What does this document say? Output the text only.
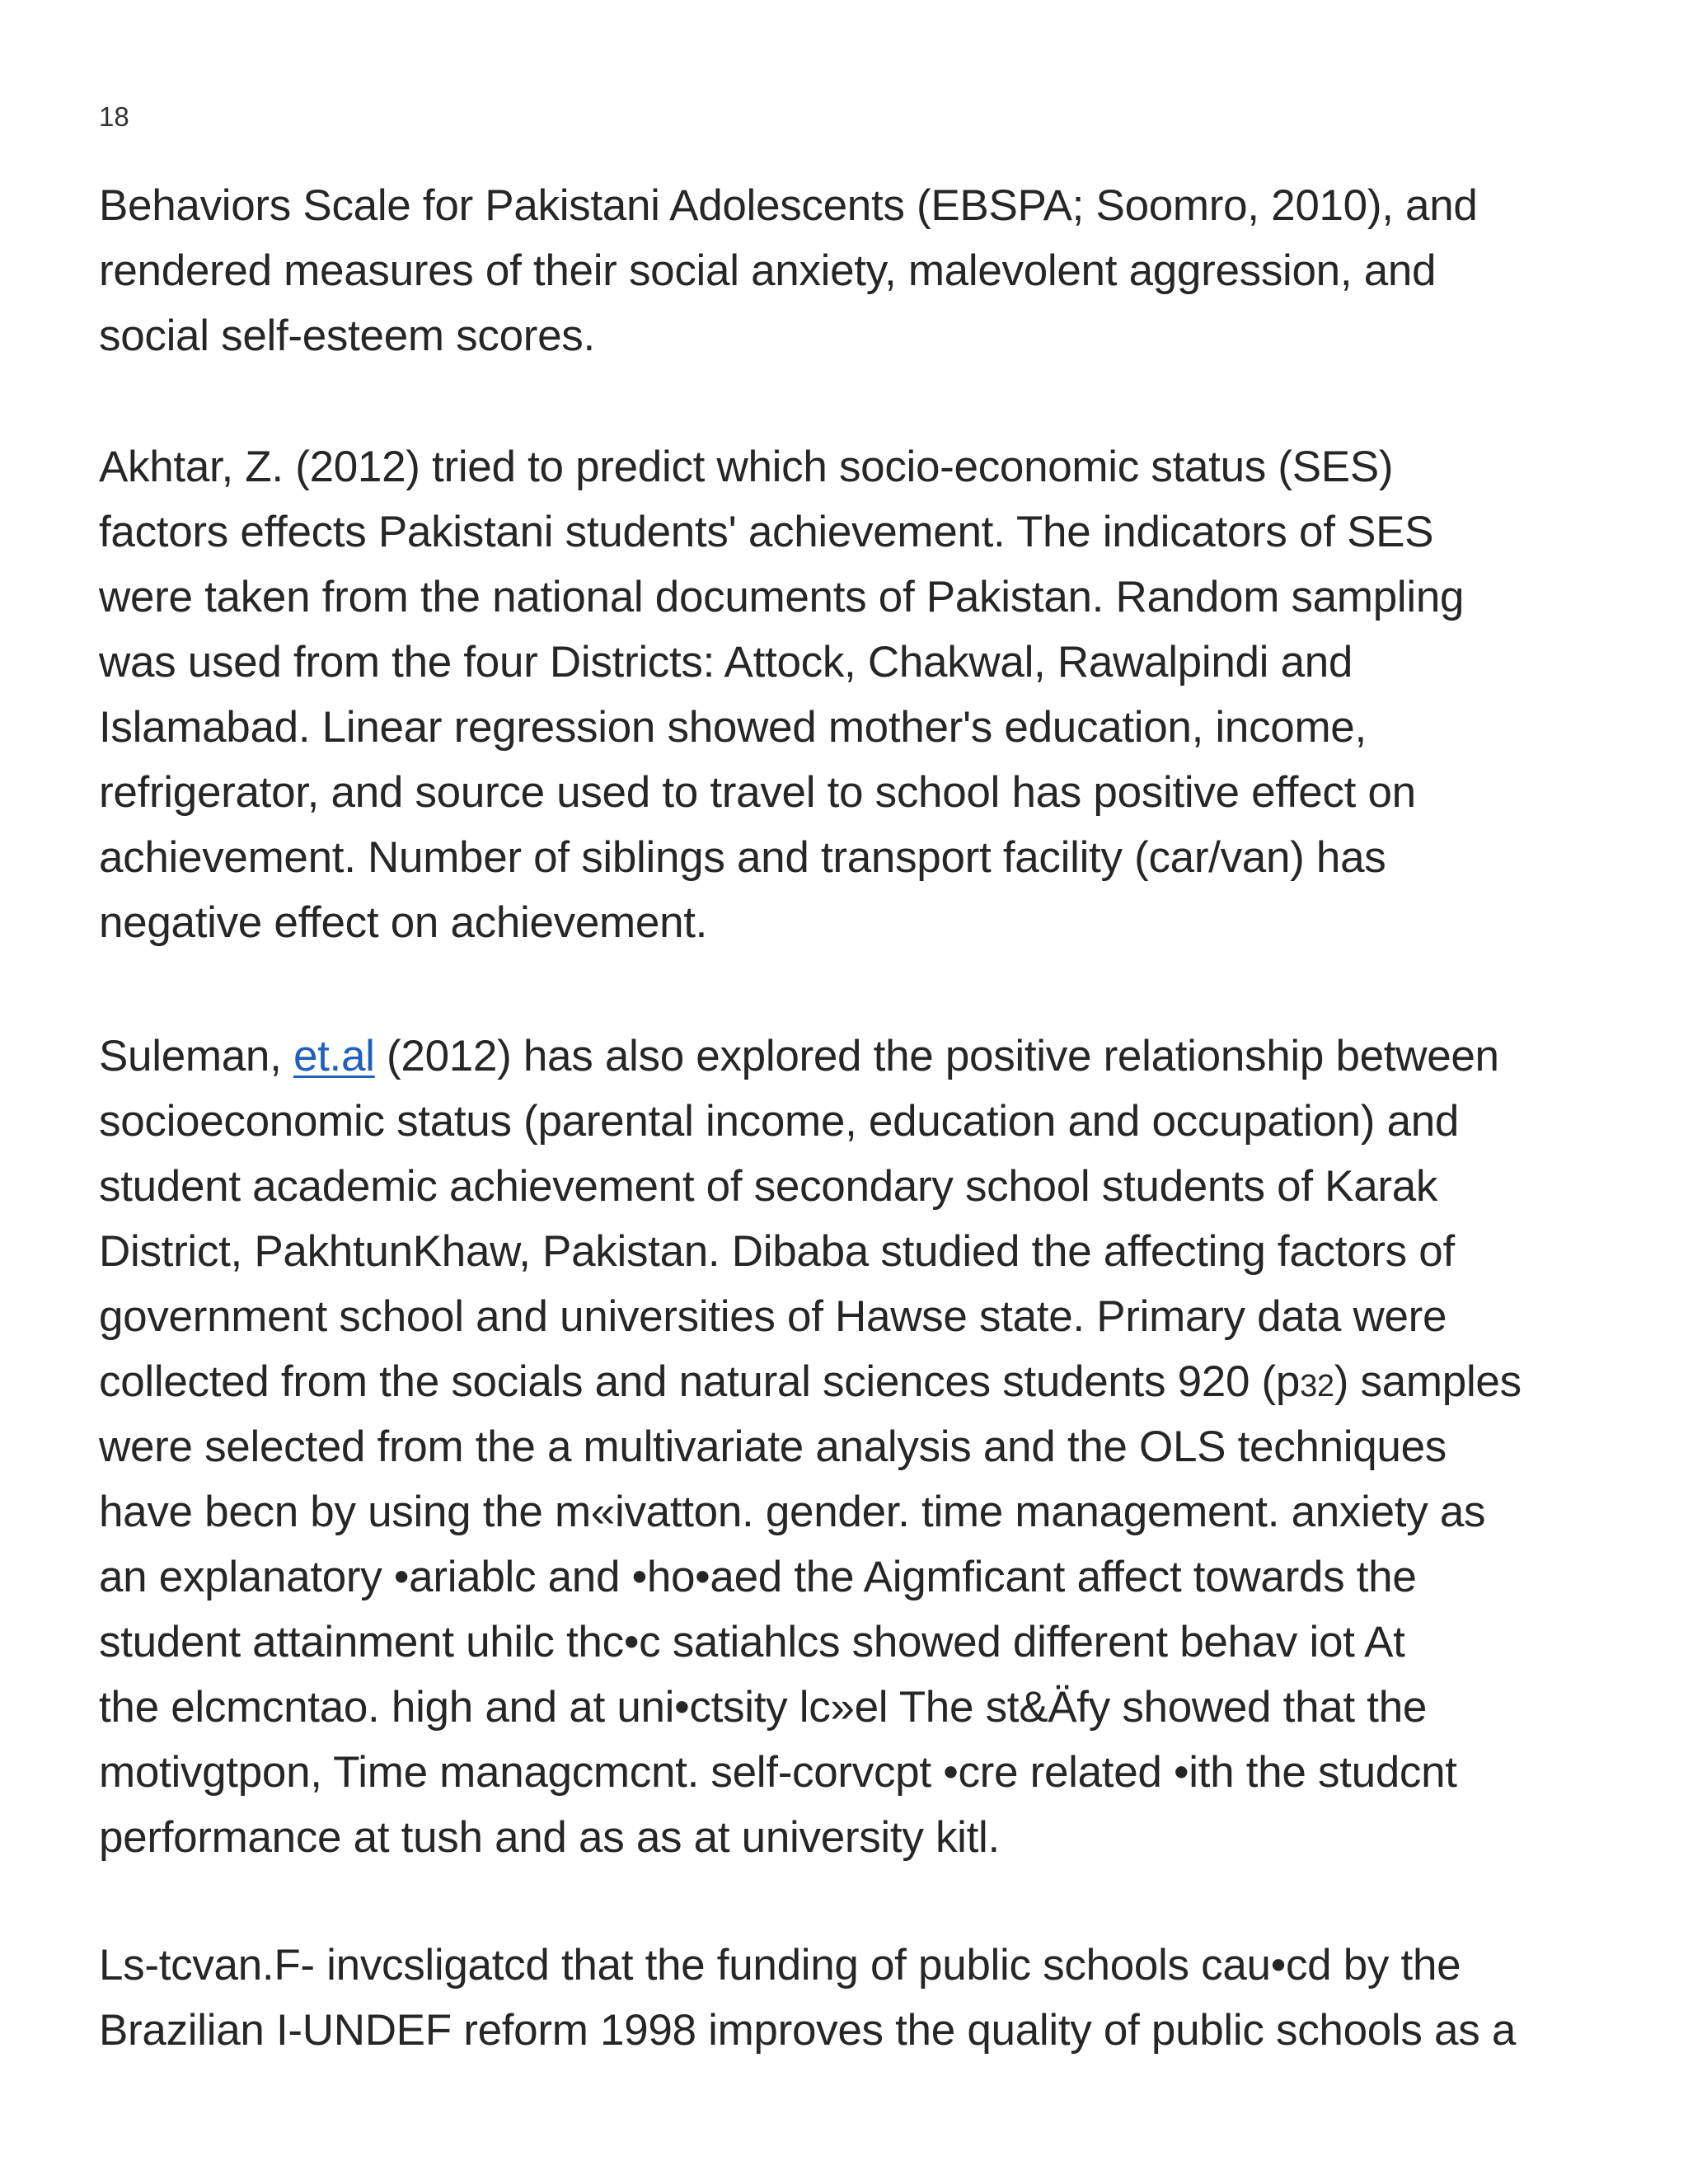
18
Behaviors Scale for Pakistani Adolescents (EBSPA; Soomro, 2010), and
rendered measures of their social anxiety, malevolent aggression, and
social self-esteem scores.
Akhtar, Z. (2012) tried to predict which socio-economic status (SES)
factors effects Pakistani students' achievement. The indicators of SES
were taken from the national documents of Pakistan. Random sampling
was used from the four Districts: Attock, Chakwal, Rawalpindi and
Islamabad. Linear regression showed mother's education, income,
refrigerator, and source used to travel to school has positive effect on
achievement. Number of siblings and transport facility (car/van) has
negative effect on achievement.
Suleman, et.al (2012) has also explored the positive relationship between
socioeconomic status (parental income, education and occupation) and
student academic achievement of secondary school students of Karak
District, PakhtunKhaw, Pakistan. Dibaba studied the affecting factors of
government school and universities of Hawse state. Primary data were
collected from the socials and natural sciences students 920 (p32) samples
were selected from the a multivariate analysis and the OLS techniques
have becn by using the m«ivatton. gender. time management. anxiety as
an explanatory •ariablc and •ho•aed the Aigmficant affect towards the
student attainment uhilc thc•c satiahlcs showed different behav iot At
the elcmcntao. high and at uni•ctsity lc»el The st&Äfy showed that the
motivgtpon, Time managcmcnt. self-corvcpt •cre related •ith the studcnt
performance at tush and as as at university kitl.
Ls-tcvan.F- invcsligatcd that the funding of public schools cau•cd by the
Brazilian I-UNDEF reform 1998 improves the quality of public schools as a
